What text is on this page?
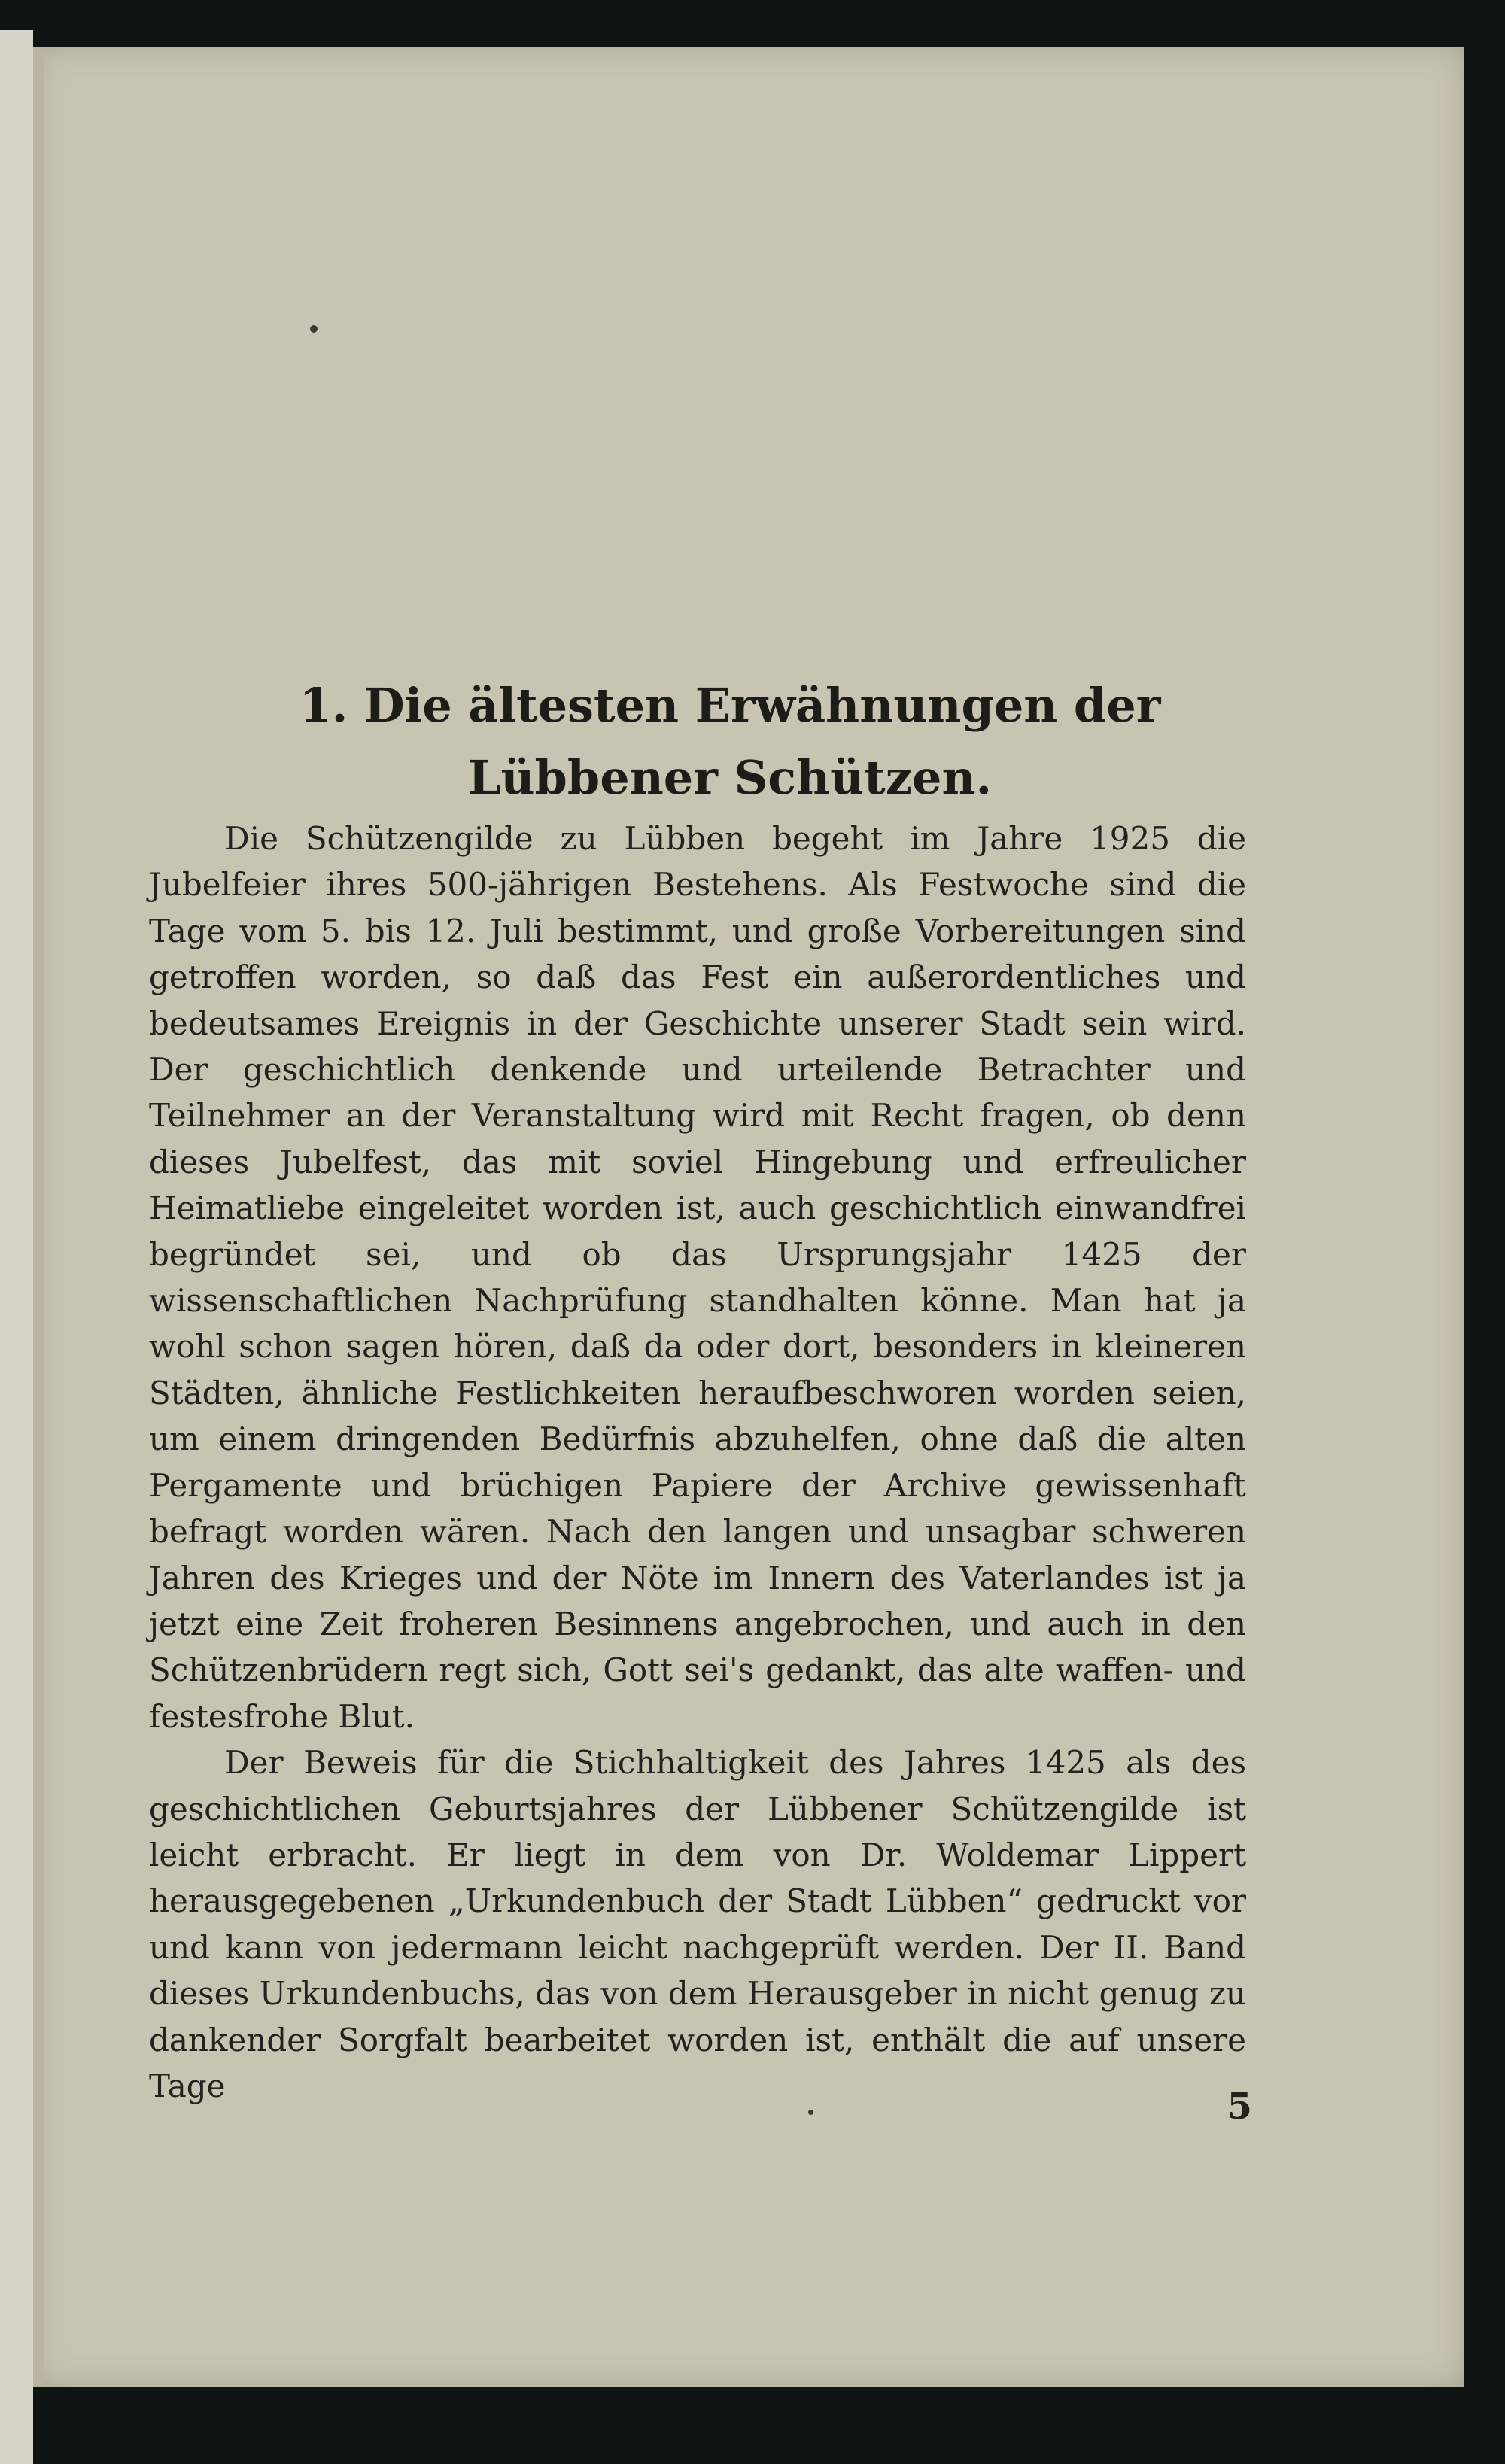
1. Die ältesten Erwähnungen der Lübbener Schützen.

Die Schützengilde zu Lübben begeht im Jahre 1925 die Jubelfeier ihres 500-jährigen Bestehens. Als Festwoche sind die Tage vom 5. bis 12. Juli bestimmt, und große Vorbereitungen sind getroffen worden, so daß das Fest ein außerordentliches und bedeutsames Ereignis in der Geschichte unserer Stadt sein wird. Der geschichtlich denkende und urteilende Betrachter und Teilnehmer an der Veranstaltung wird mit Recht fragen, ob denn dieses Jubelfest, das mit soviel Hingebung und erfreulicher Heimatliebe eingeleitet worden ist, auch geschichtlich einwandfrei begründet sei, und ob das Ursprungsjahr 1425 der wissenschaftlichen Nachprüfung standhalten könne. Man hat ja wohl schon sagen hören, daß da oder dort, besonders in kleineren Städten, ähnliche Festlichkeiten heraufbeschworen worden seien, um einem dringenden Bedürfnis abzuhelfen, ohne daß die alten Pergamente und brüchigen Papiere der Archive gewissenhaft befragt worden wären. Nach den langen und unsagbar schweren Jahren des Krieges und der Nöte im Innern des Vaterlandes ist ja jetzt eine Zeit froheren Besinnens angebrochen, und auch in den Schützenbrüdern regt sich, Gott sei's gedankt, das alte waffen- und festesfrohe Blut.

Der Beweis für die Stichhaltigkeit des Jahres 1425 als des geschichtlichen Geburtsjahres der Lübbener Schützengilde ist leicht erbracht. Er liegt in dem von Dr. Woldemar Lippert herausgegebenen „Urkundenbuch der Stadt Lübben“ gedruckt vor und kann von jedermann leicht nachgeprüft werden. Der II. Band dieses Urkundenbuchs, das von dem Herausgeber in nicht genug zu dankender Sorgfalt bearbeitet worden ist, enthält die auf unsere Tage	5
